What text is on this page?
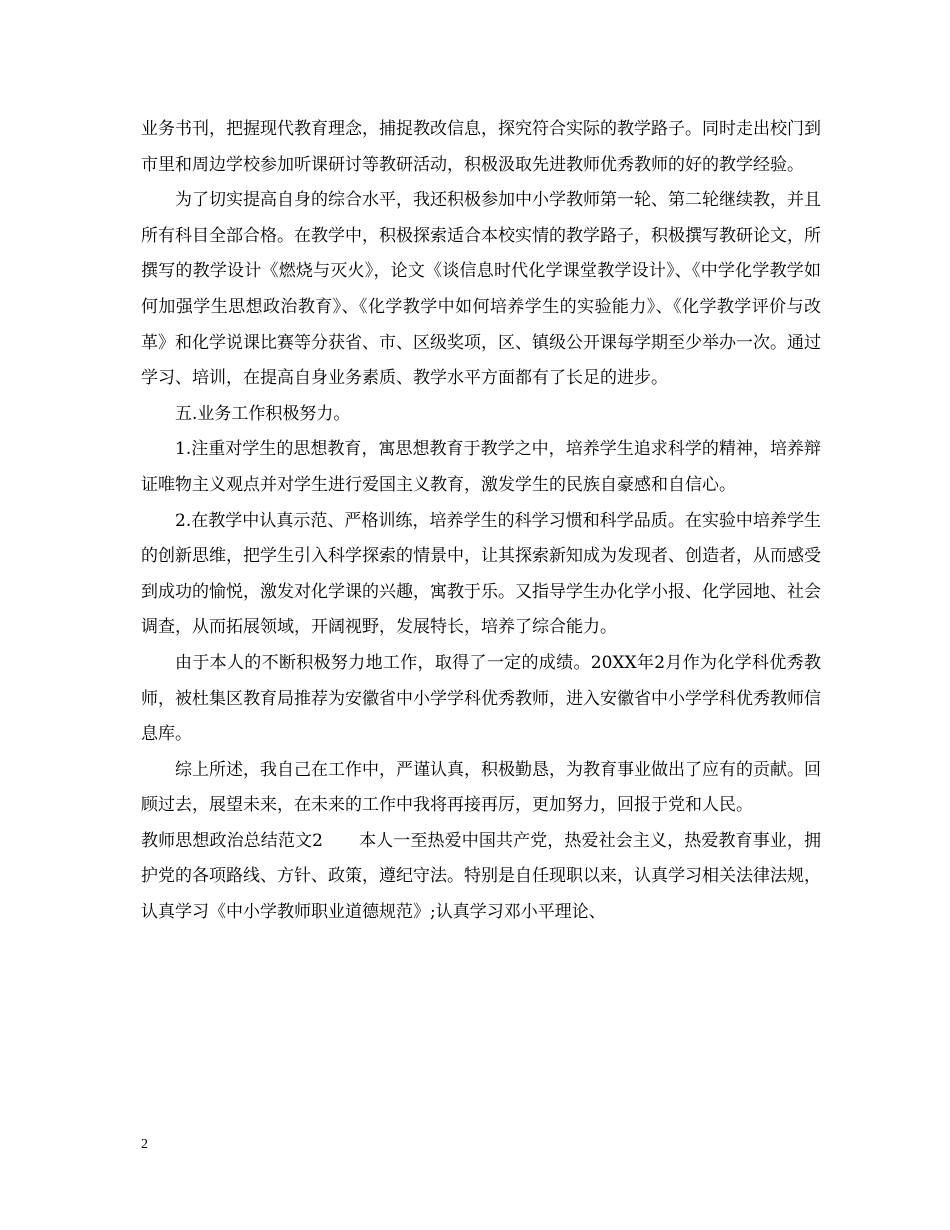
业务书刊，把握现代教育理念，捕捉教改信息，探究符合实际的教学路子。同时走出校门到市里和周边学校参加听课研讨等教研活动，积极汲取先进教师优秀教师的好的教学经验。

为了切实提高自身的综合水平，我还积极参加中小学教师第一轮、第二轮继续教，并且所有科目全部合格。在教学中，积极探索适合本校实情的教学路子，积极撰写教研论文，所撰写的教学设计《燃烧与灭火》，论文《谈信息时代化学课堂教学设计》、《中学化学教学如何加强学生思想政治教育》、《化学教学中如何培养学生的实验能力》、《化学教学评价与改革》和化学说课比赛等分获省、市、区级奖项，区、镇级公开课每学期至少举办一次。通过学习、培训，在提高自身业务素质、教学水平方面都有了长足的进步。

五.业务工作积极努力。

1.注重对学生的思想教育，寓思想教育于教学之中，培养学生追求科学的精神，培养辩证唯物主义观点并对学生进行爱国主义教育，激发学生的民族自豪感和自信心。

2.在教学中认真示范、严格训练，培养学生的科学习惯和科学品质。在实验中培养学生的创新思维，把学生引入科学探索的情景中，让其探索新知成为发现者、创造者，从而感受到成功的愉悦，激发对化学课的兴趣，寓教于乐。又指导学生办化学小报、化学园地、社会调查，从而拓展领域，开阔视野，发展特长，培养了综合能力。

由于本人的不断积极努力地工作，取得了一定的成绩。20XX年2月作为化学科优秀教师，被杜集区教育局推荐为安徽省中小学学科优秀教师，进入安徽省中小学学科优秀教师信息库。

综上所述，我自己在工作中，严谨认真，积极勤恳，为教育事业做出了应有的贡献。回顾过去，展望未来，在未来的工作中我将再接再厉，更加努力，回报于党和人民。

教师思想政治总结范文2 本人一至热爱中国共产党，热爱社会主义，热爱教育事业，拥护党的各项路线、方针、政策，遵纪守法。特别是自任现职以来，认真学习相关法律法规，认真学习《中小学教师职业道德规范》;认真学习邓小平理论、

2
